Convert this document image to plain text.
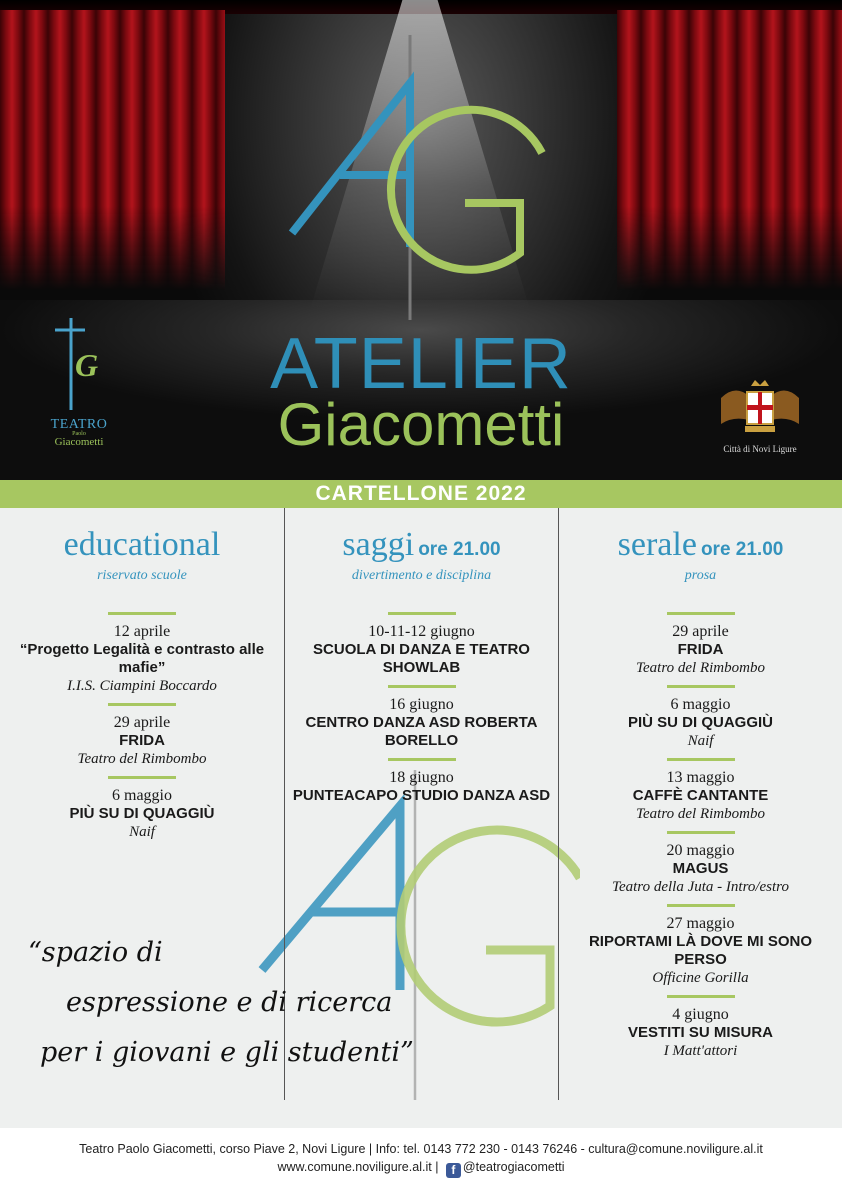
ATELIER
Giacometti
G
TEATRO
Paolo
Giacometti
Città di Novi Ligure
CARTELLONE 2022
educational
riservato scuole
12 aprile
“Progetto Legalità e contrasto alle mafie”
I.I.S. Ciampini Boccardo
29 aprile
FRIDA
Teatro del Rimbombo
6 maggio
PIÙ SU DI QUAGGIÙ
Naif
saggi ore 21.00
divertimento e disciplina
10-11-12 giugno
SCUOLA DI DANZA E TEATRO SHOWLAB
16 giugno
CENTRO DANZA ASD ROBERTA BORELLO
18 giugno
PUNTEACAPO STUDIO DANZA ASD
serale ore 21.00
prosa
29 aprile
FRIDA
Teatro del Rimbombo
6 maggio
PIÙ SU DI QUAGGIÙ
Naif
13 maggio
CAFFÈ CANTANTE
Teatro del Rimbombo
20 maggio
MAGUS
Teatro della Juta - Intro/estro
27 maggio
RIPORTAMI LÀ DOVE MI SONO PERSO
Officine Gorilla
4 giugno
VESTITI SU MISURA
I Matt'attori
“spazio di
espressione e di ricerca
per i giovani e gli studenti”
Teatro Paolo Giacometti, corso Piave 2, Novi Ligure | Info: tel. 0143 772 230 - 0143 76246 - cultura@comune.noviligure.al.it
www.comune.noviligure.al.it | f @teatrogiacometti
